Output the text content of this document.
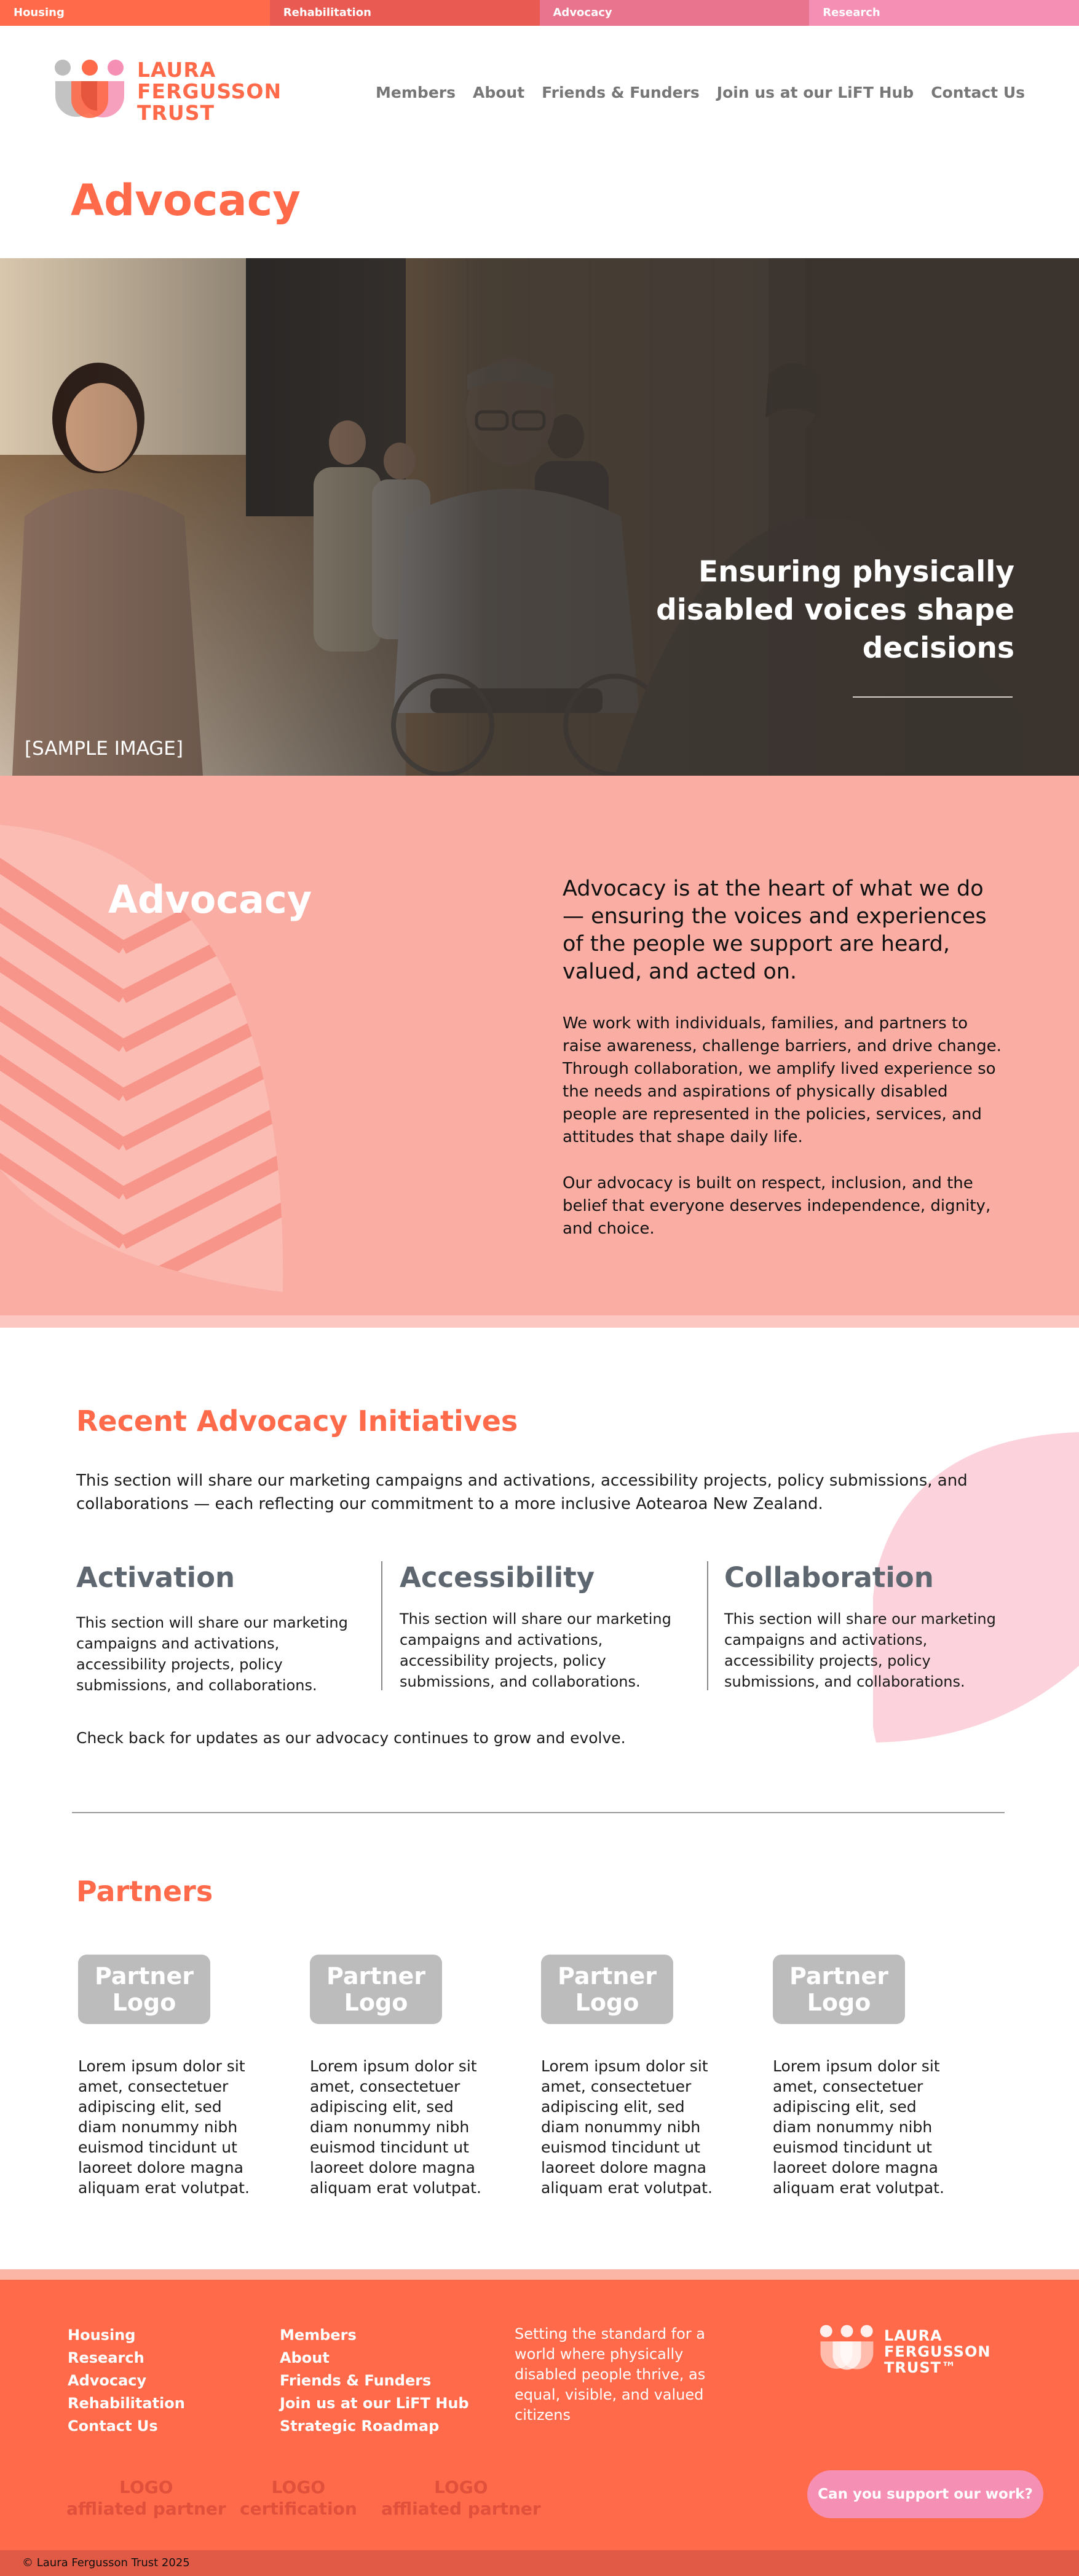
Housing	Rehabilitation	Advocacy	Research
LAURA
FERGUSSON
TRUST
Members About Friends & Funders Join us at our LiFT Hub Contact Us
Advocacy
Ensuring physically disabled voices shape decisions
[SAMPLE IMAGE]
Advocacy	Advocacy is at the heart of what we do — ensuring the voices and experiences of the people we support are heard, valued, and acted on.

We work with individuals, families, and partners to raise awareness, challenge barriers, and drive change. Through collaboration, we amplify lived experience so the needs and aspirations of physically disabled people are represented in the policies, services, and attitudes that shape daily life.

Our advocacy is built on respect, inclusion, and the belief that everyone deserves independence, dignity, and choice.

Recent Advocacy Initiatives

This section will share our marketing campaigns and activations, accessibility projects, policy submissions, and collaborations — each reflecting our commitment to a more inclusive Aotearoa New Zealand.

Activation
This section will share our marketing campaigns and activations, accessibility projects, policy submissions, and collaborations.
Accessibility
This section will share our marketing campaigns and activations, accessibility projects, policy submissions, and collaborations.
Collaboration
This section will share our marketing campaigns and activations, accessibility projects, policy submissions, and collaborations.

Check back for updates as our advocacy continues to grow and evolve.

Partners
Partner Logo

Lorem ipsum dolor sit amet, consectetuer adipiscing elit, sed diam nonummy nibh euismod tincidunt ut laoreet dolore magna aliquam erat volutpat.

Partner Logo

Lorem ipsum dolor sit amet, consectetuer adipiscing elit, sed diam nonummy nibh euismod tincidunt ut laoreet dolore magna aliquam erat volutpat.

Partner Logo

Lorem ipsum dolor sit amet, consectetuer adipiscing elit, sed diam nonummy nibh euismod tincidunt ut laoreet dolore magna aliquam erat volutpat.

Partner Logo

Lorem ipsum dolor sit amet, consectetuer adipiscing elit, sed diam nonummy nibh euismod tincidunt ut laoreet dolore magna aliquam erat volutpat.

Housing
Research
Advocacy
Rehabilitation
Contact Us
Members
About
Friends & Funders
Join us at our LiFT Hub
Strategic Roadmap

Setting the standard for a world where physically disabled people thrive, as equal, visible, and valued citizens

LAURA
FERGUSSON
TRUST™
LOGO
affliated partner
LOGO
certification
LOGO
affliated partner
Can you support our work?
© Laura Fergusson Trust 2025
